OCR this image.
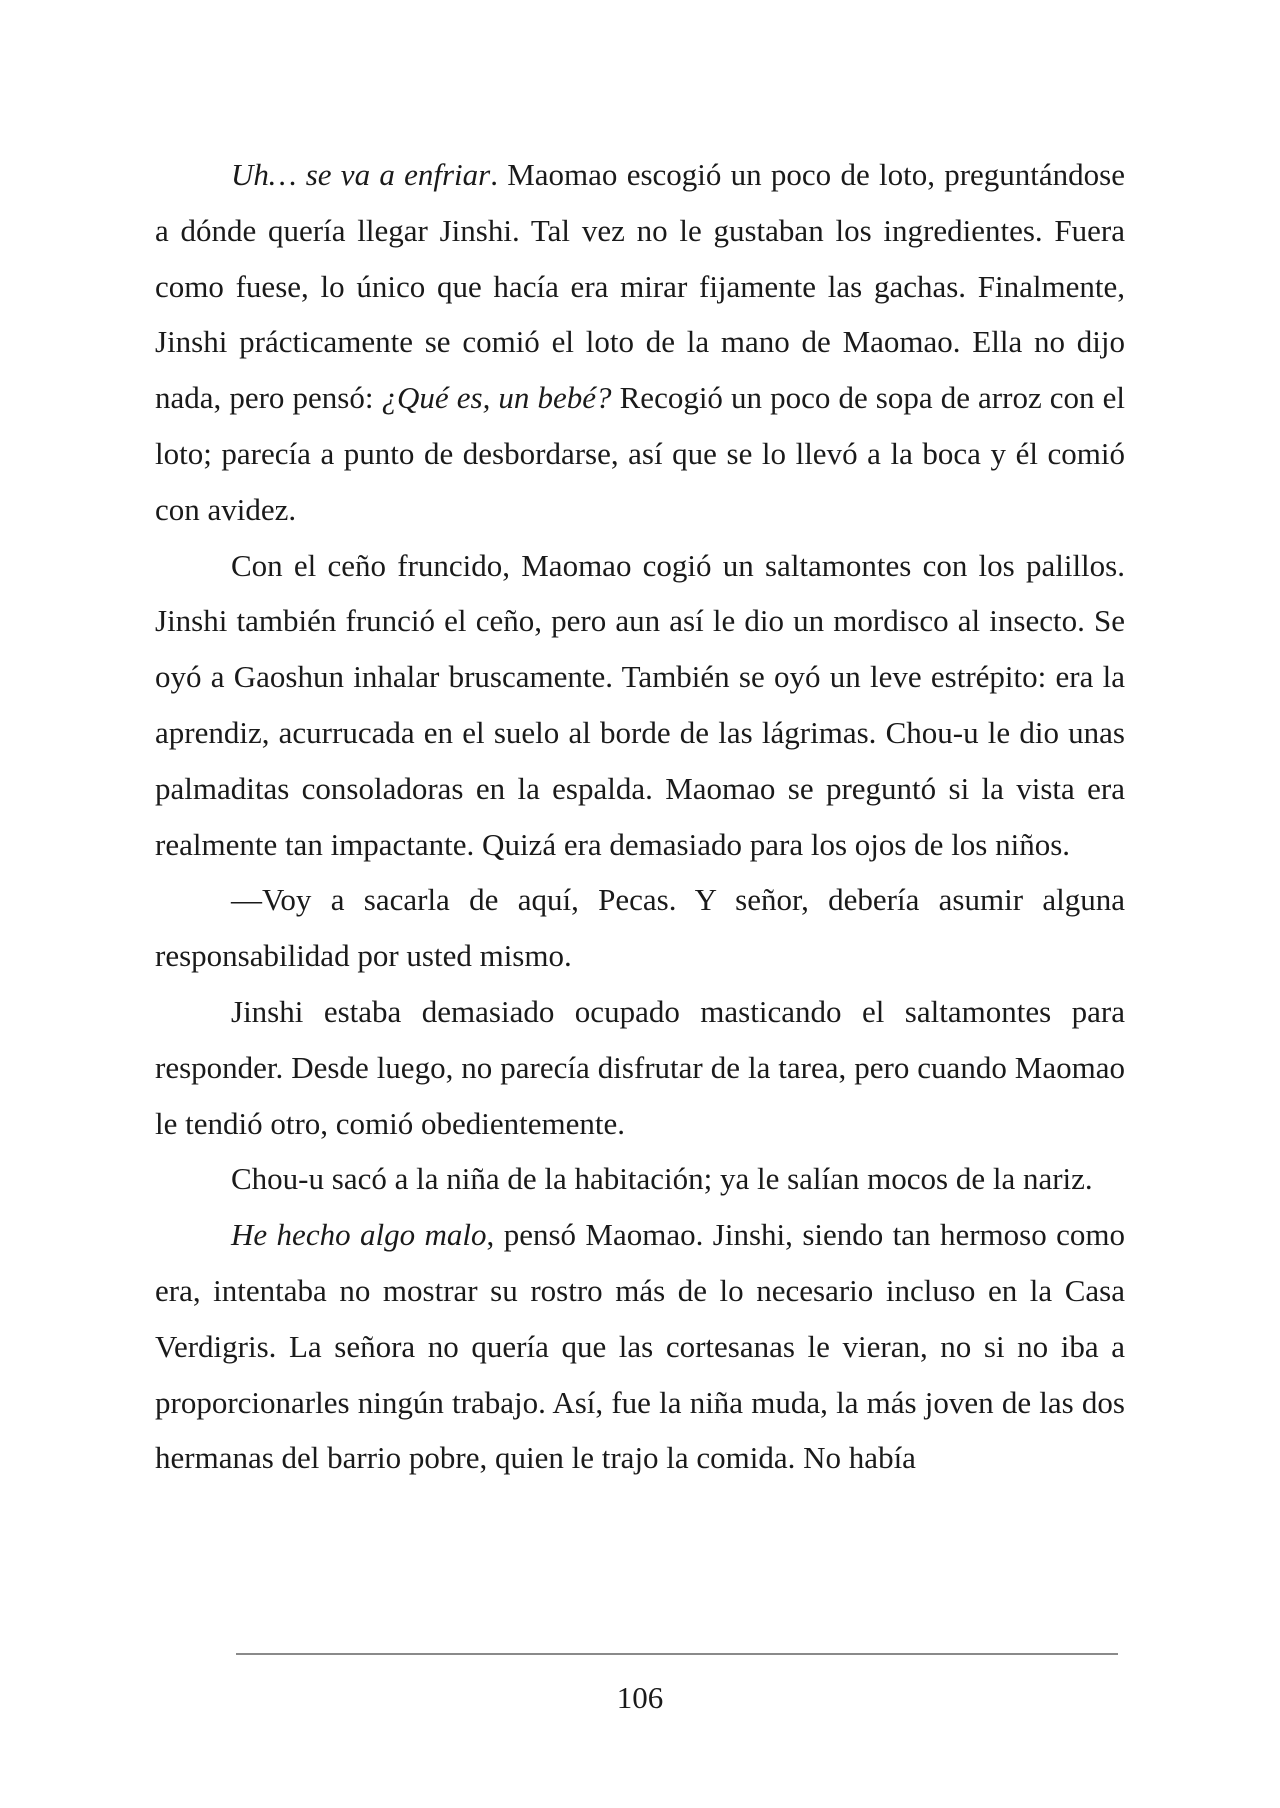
Uh… se va a enfriar. Maomao escogió un poco de loto, preguntándose a dónde quería llegar Jinshi. Tal vez no le gustaban los ingredientes. Fuera como fuese, lo único que hacía era mirar fijamente las gachas. Finalmente, Jinshi prácticamente se comió el loto de la mano de Maomao. Ella no dijo nada, pero pensó: ¿Qué es, un bebé? Recogió un poco de sopa de arroz con el loto; parecía a punto de desbordarse, así que se lo llevó a la boca y él comió con avidez.

Con el ceño fruncido, Maomao cogió un saltamontes con los palillos. Jinshi también frunció el ceño, pero aun así le dio un mordisco al insecto. Se oyó a Gaoshun inhalar bruscamente. También se oyó un leve estrépito: era la aprendiz, acurrucada en el suelo al borde de las lágrimas. Chou-u le dio unas palmaditas consoladoras en la espalda. Maomao se preguntó si la vista era realmente tan impactante. Quizá era demasiado para los ojos de los niños.

—Voy a sacarla de aquí, Pecas. Y señor, debería asumir alguna responsabilidad por usted mismo.

Jinshi estaba demasiado ocupado masticando el saltamontes para responder. Desde luego, no parecía disfrutar de la tarea, pero cuando Maomao le tendió otro, comió obedientemente.

Chou-u sacó a la niña de la habitación; ya le salían mocos de la nariz.

He hecho algo malo, pensó Maomao. Jinshi, siendo tan hermoso como era, intentaba no mostrar su rostro más de lo necesario incluso en la Casa Verdigris. La señora no quería que las cortesanas le vieran, no si no iba a proporcionarles ningún trabajo. Así, fue la niña muda, la más joven de las dos hermanas del barrio pobre, quien le trajo la comida. No había

106
